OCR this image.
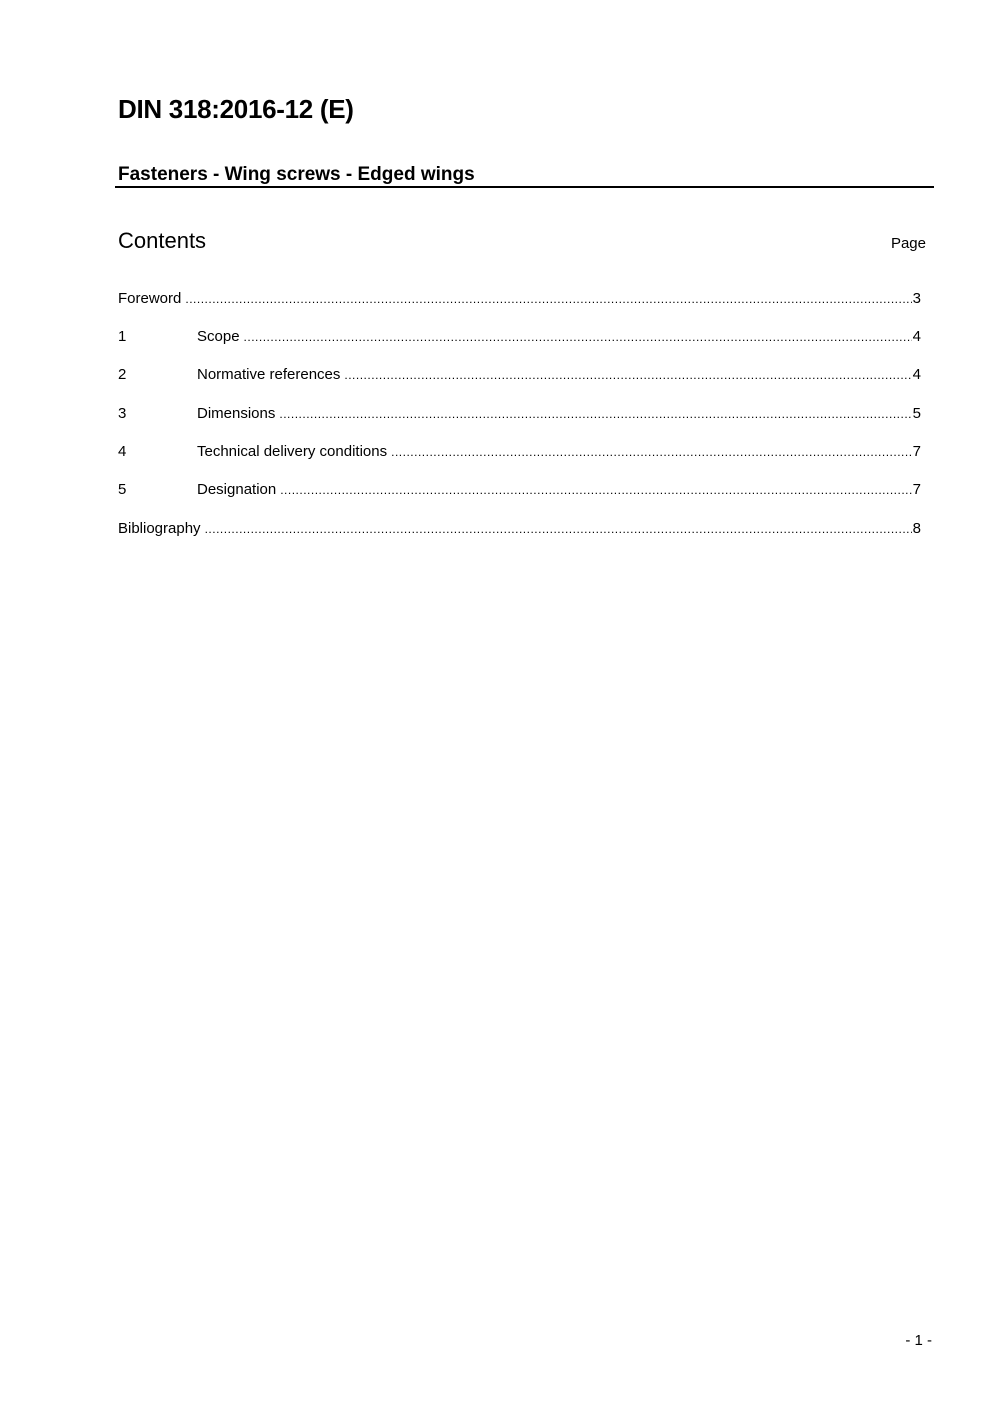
DIN 318:2016-12 (E)
Fasteners - Wing screws - Edged wings
Contents	Page
Foreword .....	3
1	Scope .....	4
2	Normative references .....	4
3	Dimensions .....	5
4	Technical delivery conditions .....	7
5	Designation .....	7
Bibliography .....	8
- 1 -
